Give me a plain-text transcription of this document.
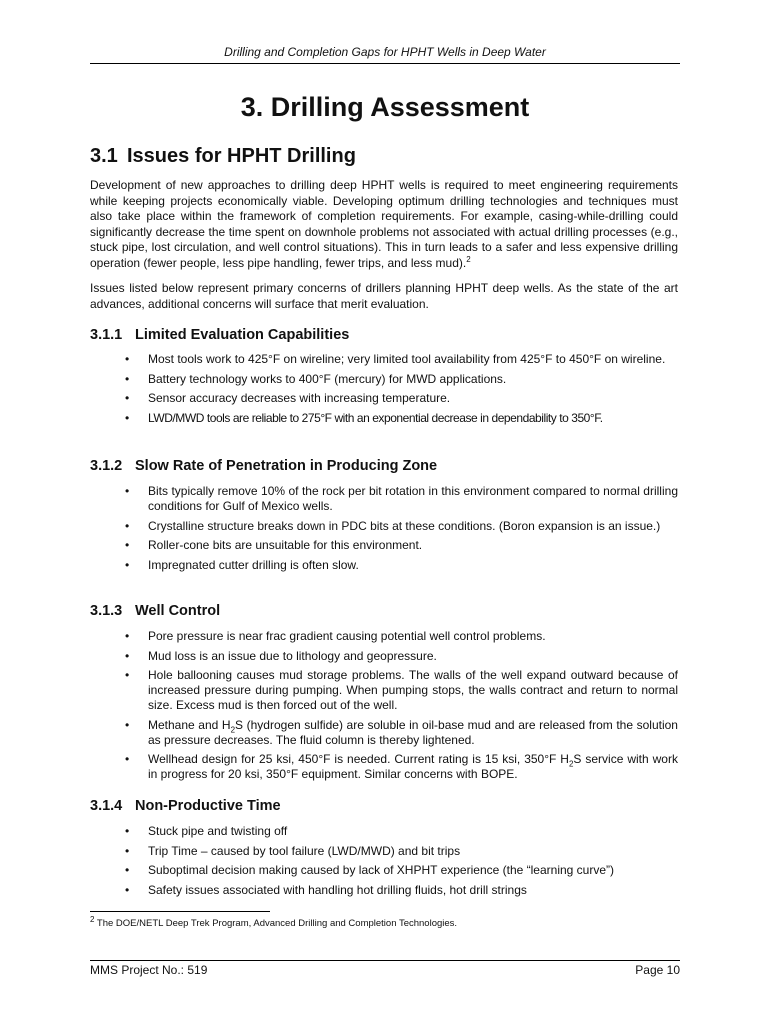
Drilling and Completion Gaps for HPHT Wells in Deep Water
3. Drilling Assessment
3.1 Issues for HPHT Drilling
Development of new approaches to drilling deep HPHT wells is required to meet engineering requirements while keeping projects economically viable. Developing optimum drilling technologies and techniques must also take place within the framework of completion requirements. For example, casing-while-drilling could significantly decrease the time spent on downhole problems not associated with actual drilling processes (e.g., stuck pipe, lost circulation, and well control situations). This in turn leads to a safer and less expensive drilling operation (fewer people, less pipe handling, fewer trips, and less mud).$^2$
Issues listed below represent primary concerns of drillers planning HPHT deep wells. As the state of the art advances, additional concerns will surface that merit evaluation.
3.1.1 Limited Evaluation Capabilities
• Most tools work to 425°F on wireline; very limited tool availability from 425°F to 450°F on wireline.
• Battery technology works to 400°F (mercury) for MWD applications.
• Sensor accuracy decreases with increasing temperature.
• LWD/MWD tools are reliable to 275°F with an exponential decrease in dependability to 350°F.
3.1.2 Slow Rate of Penetration in Producing Zone
• Bits typically remove 10% of the rock per bit rotation in this environment compared to normal drilling conditions for Gulf of Mexico wells.
• Crystalline structure breaks down in PDC bits at these conditions. (Boron expansion is an issue.)
• Roller-cone bits are unsuitable for this environment.
• Impregnated cutter drilling is often slow.
3.1.3 Well Control
• Pore pressure is near frac gradient causing potential well control problems.
• Mud loss is an issue due to lithology and geopressure.
• Hole ballooning causes mud storage problems. The walls of the well expand outward because of increased pressure during pumping. When pumping stops, the walls contract and return to normal size. Excess mud is then forced out of the well.
• Methane and $H_2S$ (hydrogen sulfide) are soluble in oil-base mud and are released from the solution as pressure decreases. The fluid column is thereby lightened.
• Wellhead design for 25 ksi, 450°F is needed. Current rating is 15 ksi, 350°F $H_2S$ service with work in progress for 20 ksi, 350°F equipment. Similar concerns with BOPE.
3.1.4 Non-Productive Time
• Stuck pipe and twisting off
• Trip Time – caused by tool failure (LWD/MWD) and bit trips
• Suboptimal decision making caused by lack of XHPHT experience (the “learning curve”)
• Safety issues associated with handling hot drilling fluids, hot drill strings
$^2$ The DOE/NETL Deep Trek Program, Advanced Drilling and Completion Technologies.
MMS Project No.: 519	Page 10
